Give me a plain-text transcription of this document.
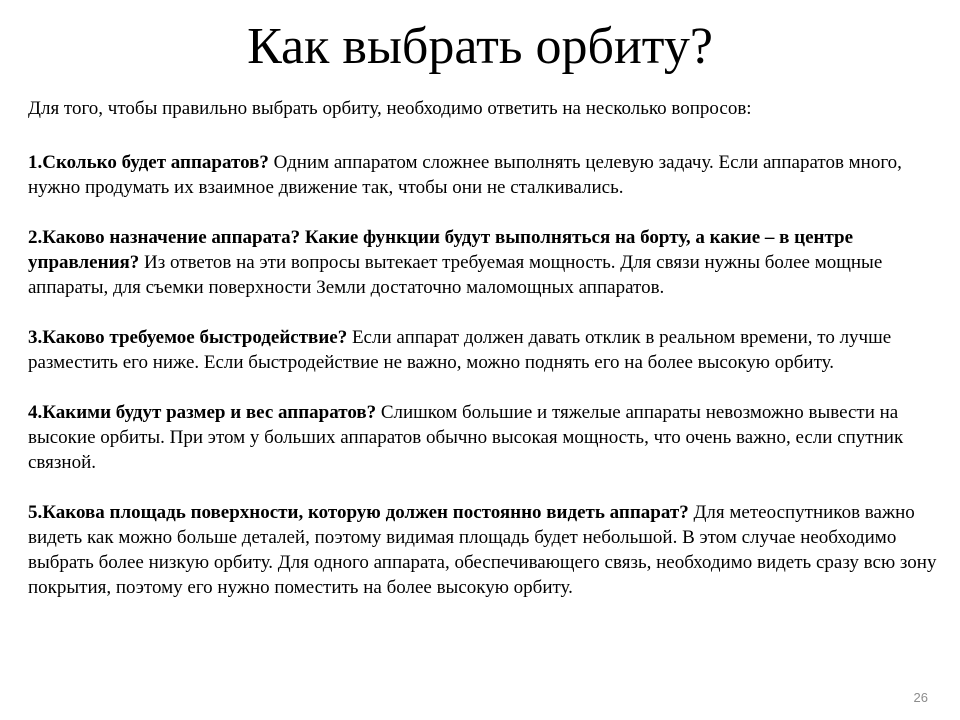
Как выбрать орбиту?

Для того, чтобы правильно выбрать орбиту, необходимо ответить на несколько вопросов:

1.Сколько будет аппаратов? Одним аппаратом сложнее выполнять целевую задачу. Если аппаратов много, нужно продумать их взаимное движение так, чтобы они не сталкивались.

2.Каково назначение аппарата? Какие функции будут выполняться на борту, а какие – в центре управления? Из ответов на эти вопросы вытекает требуемая мощность. Для связи нужны более мощные аппараты, для съемки поверхности Земли достаточно маломощных аппаратов.

3.Каково требуемое быстродействие? Если аппарат должен давать отклик в реальном времени, то лучше разместить его ниже. Если быстродействие не важно, можно поднять его на более высокую орбиту.

4.Какими будут размер и вес аппаратов? Слишком большие и тяжелые аппараты невозможно вывести на высокие орбиты. При этом у больших аппаратов обычно высокая мощность, что очень важно, если спутник связной.

5.Какова площадь поверхности, которую должен постоянно видеть аппарат? Для метеоспутников важно видеть как можно больше деталей, поэтому видимая площадь будет небольшой. В этом случае необходимо выбрать более низкую орбиту. Для одного аппарата, обеспечивающего связь, необходимо видеть сразу всю зону покрытия, поэтому его нужно поместить на более высокую орбиту.

26
